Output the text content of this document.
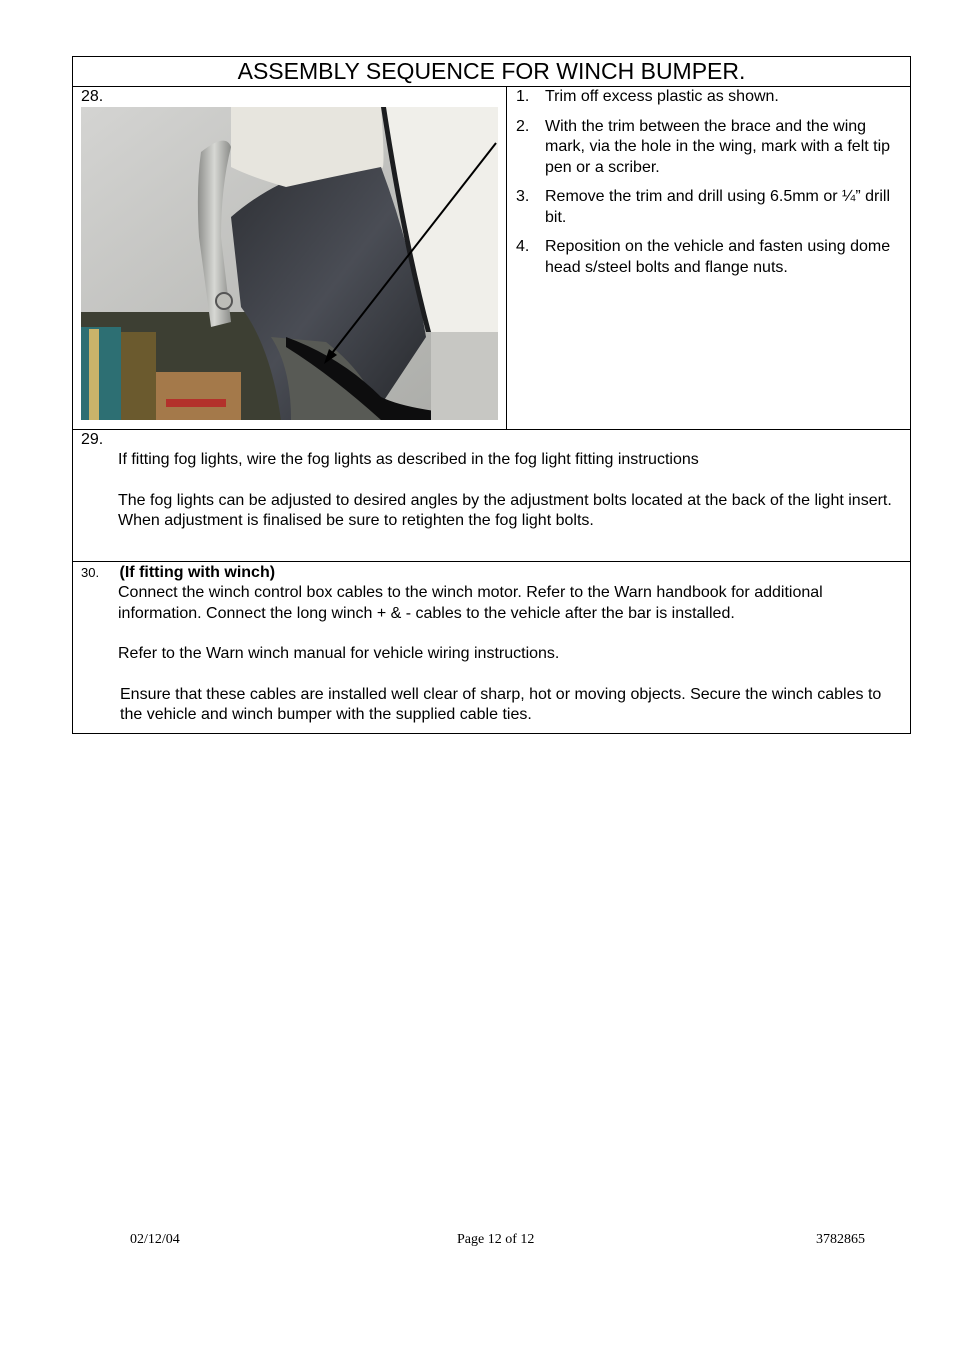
ASSEMBLY SEQUENCE FOR WINCH BUMPER.

28.	1. Trim off excess plastic as shown.
2. With the trim between the brace and the wing mark, via the hole in the wing, mark with a felt tip pen or a scriber.
3. Remove the trim and drill using 6.5mm or ¼” drill bit.
4. Reposition on the vehicle and fasten using dome head s/steel bolts and flange nuts.

29.

If fitting fog lights, wire the fog lights as described in the fog light fitting instructions

The fog lights can be adjusted to desired angles by the adjustment bolts located at the back of the light insert. When adjustment is finalised be sure to retighten the fog light bolts.

30. (If fitting with winch)

Connect the winch control box cables to the winch motor. Refer to the Warn handbook for additional information. Connect the long winch + & - cables to the vehicle after the bar is installed.

Refer to the Warn winch manual for vehicle wiring instructions.

Ensure that these cables are installed well clear of sharp, hot or moving objects. Secure the winch cables to the vehicle and winch bumper with the supplied cable ties.

02/12/04	Page 12 of 12	3782865
